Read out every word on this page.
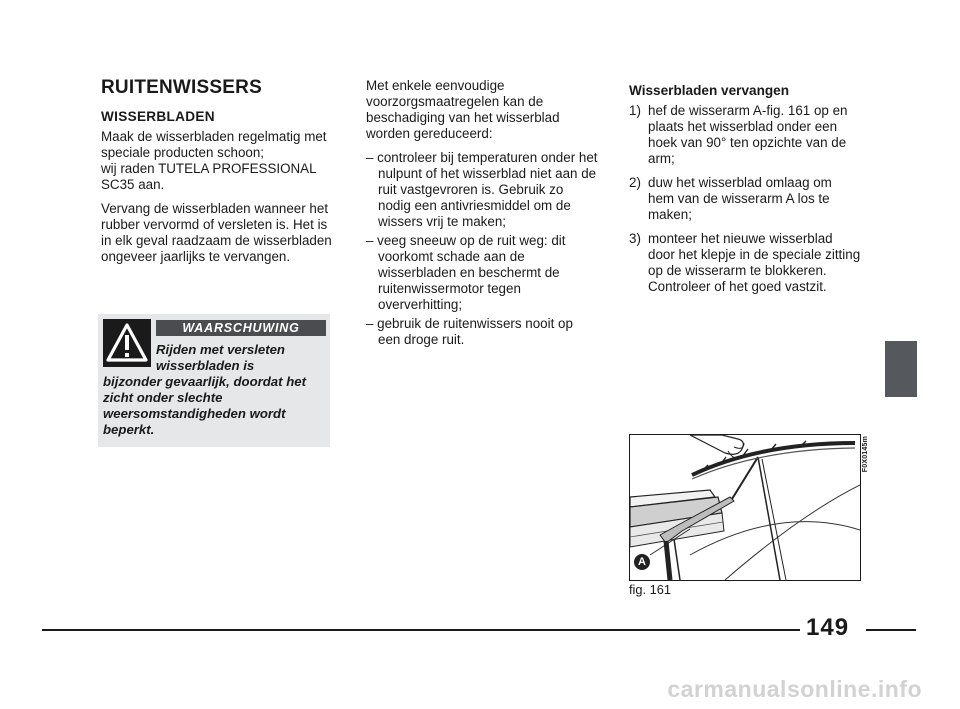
RUITENWISSERS
WISSERBLADEN

Maak de wisserbladen regelmatig met speciale producten schoon;
wij raden TUTELA PROFESSIONAL SC35 aan.

Vervang de wisserbladen wanneer het rubber vervormd of versleten is. Het is in elk geval raadzaam de wisserbladen ongeveer jaarlijks te vervangen.

WAARSCHUWING
Rijden met versleten wisserbladen is
bijzonder gevaarlijk, doordat het zicht onder slechte weersomstandigheden wordt beperkt.

Met enkele eenvoudige voorzorgsmaatregelen kan de beschadiging van het wisserblad worden gereduceerd:

– controleer bij temperaturen onder het nulpunt of het wisserblad niet aan de ruit vastgevroren is. Gebruik zo nodig een antivriesmiddel om de wissers vrij te maken;
– veeg sneeuw op de ruit weg: dit voorkomt schade aan de wisserbladen en beschermt de ruitenwissermotor tegen oververhitting;
– gebruik de ruitenwissers nooit op een droge ruit.
Wisserbladen vervangen
1) hef de wisserarm A-fig. 161 op en plaats het wisserblad onder een hoek van 90° ten opzichte van de arm;
2) duw het wisserblad omlaag om hem van de wisserarm A los te maken;
3) monteer het nieuwe wisserblad door het klepje in de speciale zitting op de wisserarm te blokkeren. Controleer of het goed vastzit.
A
F0X0145m
fig. 161
149
carmanualsonline.info
